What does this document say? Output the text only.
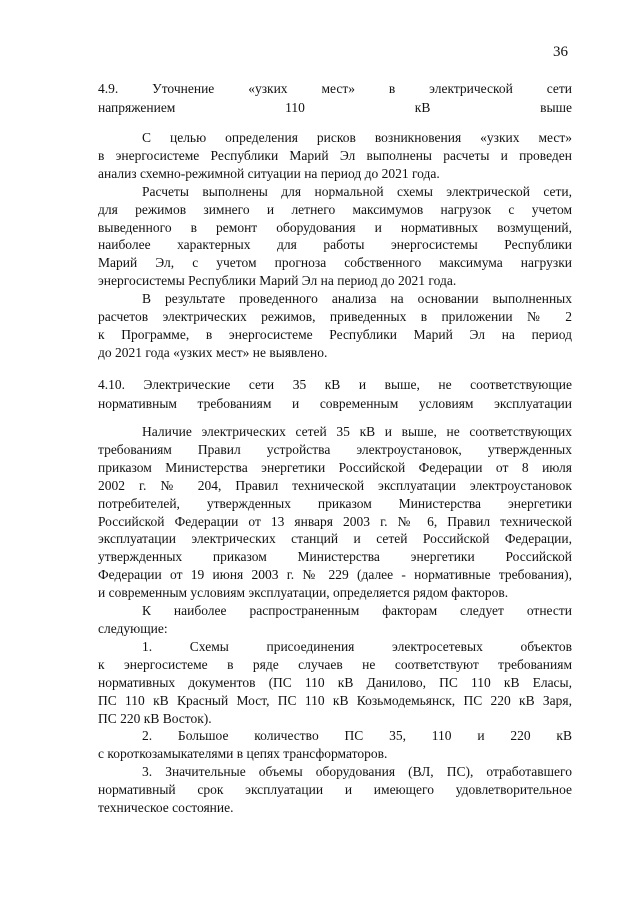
36
4.9. Уточнение «узких мест» в электрической сети
напряжением 110 кВ выше

С целью определения рисков возникновения «узких мест»
в энергосистеме Республики Марий Эл выполнены расчеты и проведен
анализ схемно-режимной ситуации на период до 2021 года.

Расчеты выполнены для нормальной схемы электрической сети,
для режимов зимнего и летнего максимумов нагрузок с учетом
выведенного в ремонт оборудования и нормативных возмущений,
наиболее характерных для работы энергосистемы Республики
Марий Эл, с учетом прогноза собственного максимума нагрузки
энергосистемы Республики Марий Эл на период до 2021 года.

В результате проведенного анализа на основании выполненных
расчетов электрических режимов, приведенных в приложении № 2
к Программе, в энергосистеме Республики Марий Эл на период
до 2021 года «узких мест» не выявлено.

4.10. Электрические сети 35 кВ и выше, не соответствующие
нормативным требованиям и современным условиям эксплуатации

Наличие электрических сетей 35 кВ и выше, не соответствующих
требованиям Правил устройства электроустановок, утвержденных
приказом Министерства энергетики Российской Федерации от 8 июля
2002 г. № 204, Правил технической эксплуатации электроустановок
потребителей, утвержденных приказом Министерства энергетики
Российской Федерации от 13 января 2003 г. № 6, Правил технической
эксплуатации электрических станций и сетей Российской Федерации,
утвержденных приказом Министерства энергетики Российской
Федерации от 19 июня 2003 г. № 229 (далее - нормативные требования),
и современным условиям эксплуатации, определяется рядом факторов.

К наиболее распространенным факторам следует отнести
следующие:

1. Схемы присоединения электросетевых объектов
к энергосистеме в ряде случаев не соответствуют требованиям
нормативных документов (ПС 110 кВ Данилово, ПС 110 кВ Еласы,
ПС 110 кВ Красный Мост, ПС 110 кВ Козьмодемьянск, ПС 220 кВ Заря,
ПС 220 кВ Восток).

2. Большое количество ПС 35, 110 и 220 кВ
с короткозамыкателями в цепях трансформаторов.

3. Значительные объемы оборудования (ВЛ, ПС), отработавшего
нормативный срок эксплуатации и имеющего удовлетворительное
техническое состояние.
